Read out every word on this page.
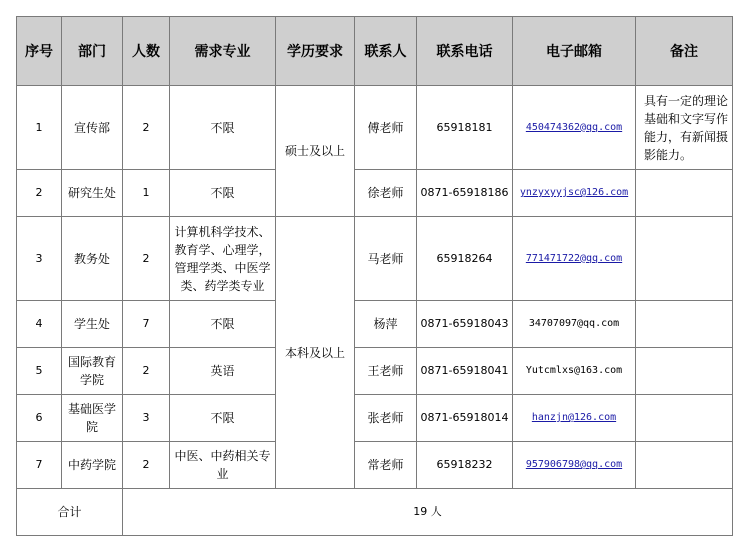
序号	部门	人数	需求专业	学历要求	联系人	联系电话	电子邮箱	备注
1	宣传部	2	不限	硕士及以上	傅老师	65918181	450474362@qq.com	具有一定的理论基础和文字写作能力，有新闻摄影能力。
2	研究生处	1	不限		徐老师	0871-65918186	ynzyxyyjsc@126.com	
3	教务处	2	计算机科学技术、教育学、心理学，管理学类、中医学类、药学类专业	本科及以上	马老师	65918264	771471722@qq.com	
4	学生处	7	不限		杨萍	0871-65918043	34707097@qq.com	
5	国际教育学院	2	英语		王老师	0871-65918041	Yutcmlxs@163.com	
6	基础医学院	3	不限		张老师	0871-65918014	hanzjn@126.com	
7	中药学院	2	中医、中药相关专业		常老师	65918232	957906798@qq.com	
合计		19 人						
